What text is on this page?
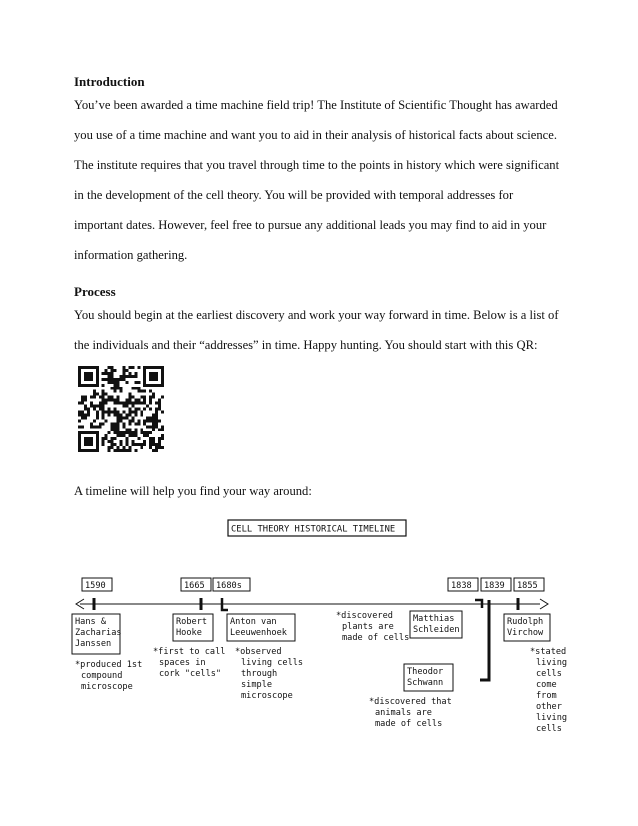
Introduction
You’ve been awarded a time machine field trip! The Institute of Scientific Thought has awarded
you use of a time machine and want you to aid in their analysis of historical facts about science.
The institute requires that you travel through time to the points in history which were significant
in the development of the cell theory. You will be provided with temporal addresses for
important dates. However, feel free to pursue any additional leads you may find to aid in your
information gathering.
Process
You should begin at the earliest discovery and work your way forward in time. Below is a list of
the individuals and their “addresses” in time. Happy hunting. You should start with this QR:
A timeline will help you find your way around:
CELL THEORY HISTORICAL TIMELINE
1590	1665 1680s	1838 1839 1855
Hans &
Zacharias
Janssen
Robert
Hooke
Anton van
Leeuwenhoek
Matthias
Schleiden
Theodor
Schwann
Rudolph
Virchow
*produced 1st
compound
microscope
*first to call
spaces in
cork "cells"
*observed
living cells
through
simple
microscope
*discovered
plants are
made of cells
*discovered that
animals are
made of cells
*stated
living
cells
come
from
other
living
cells
